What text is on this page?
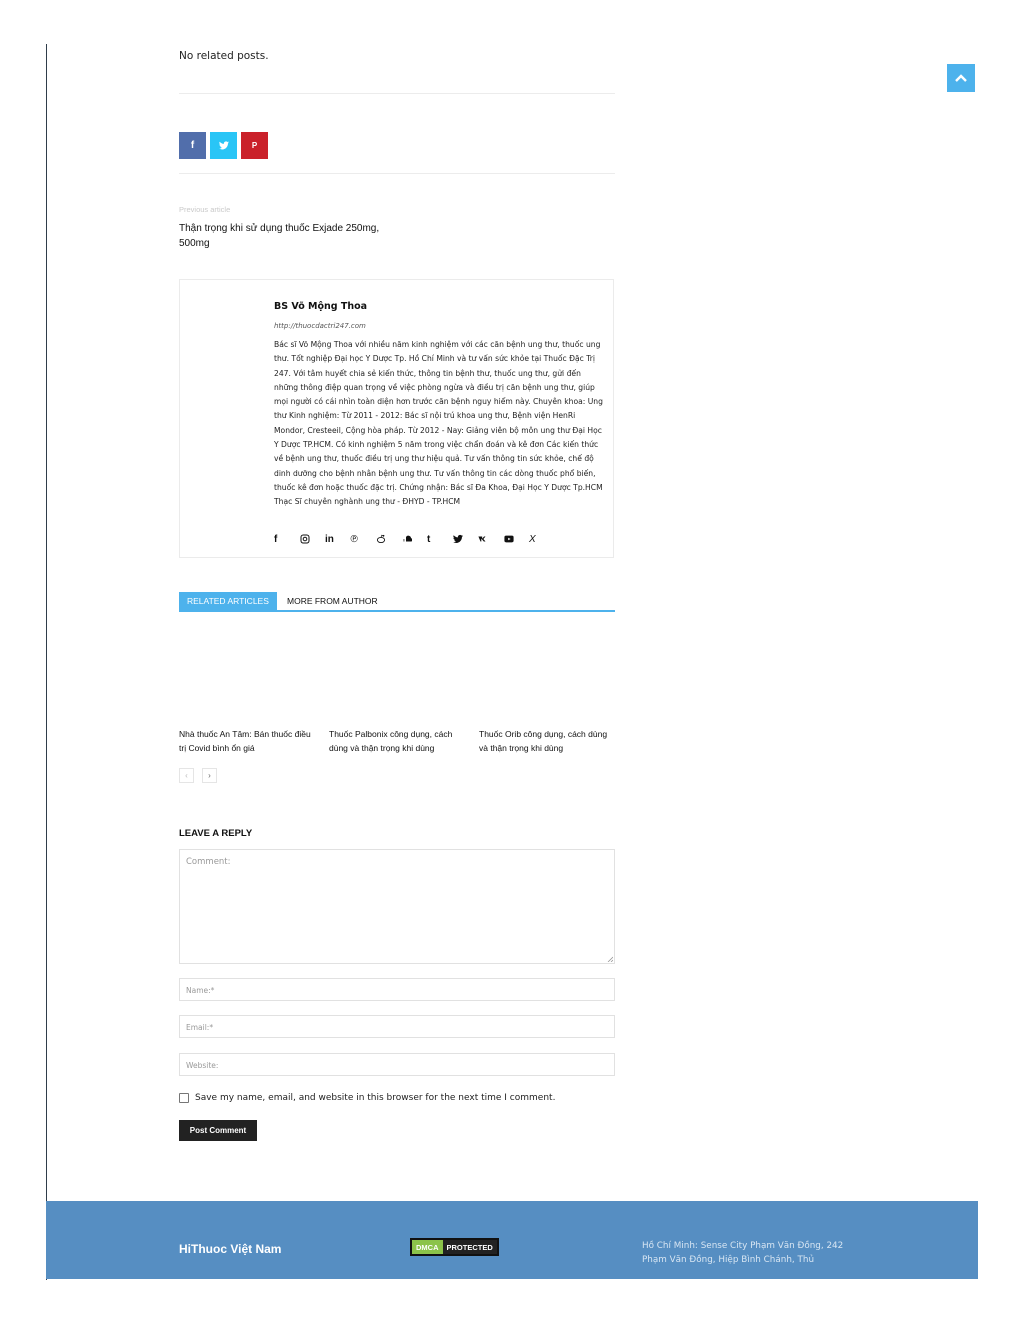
No related posts.
f	P
Previous article
Thận trọng khi sử dụng thuốc Exjade 250mg, 500mg
BS Võ Mộng Thoa
http://thuocdactri247.com
Bác sĩ Võ Mộng Thoa với nhiều năm kinh nghiệm với các căn bệnh ung thư, thuốc ung thư. Tốt nghiệp Đại học Y Dược Tp. Hồ Chí Minh và tư vấn sức khỏe tại Thuốc Đặc Trị 247. Với tâm huyết chia sẻ kiến thức, thông tin bệnh thư, thuốc ung thư, gửi đến những thông điệp quan trọng về việc phòng ngừa và điều trị căn bệnh ung thư, giúp mọi người có cái nhìn toàn diện hơn trước căn bệnh nguy hiểm này. Chuyên khoa: Ung thư Kinh nghiệm: Từ 2011 - 2012: Bác sĩ nội trú khoa ung thư, Bệnh viện HenRi Mondor, Cresteeil, Cộng hòa pháp. Từ 2012 - Nay: Giảng viên bộ môn ung thư Đại Học Y Dược TP.HCM. Có kinh nghiệm 5 năm trong việc chẩn đoán và kê đơn Các kiến thức về bệnh ung thư, thuốc điều trị ung thư hiệu quả. Tư vấn thông tin sức khỏe, chế độ dinh dưỡng cho bệnh nhân bệnh ung thư. Tư vấn thông tin các dòng thuốc phổ biến, thuốc kê đơn hoặc thuốc đặc trị. Chứng nhận: Bác sĩ Đa Khoa, Đại Học Y Dược Tp.HCM Thạc Sĩ chuyên nghành ung thư - ĐHYD - TP.HCM
f	in	℗	t	X
RELATED ARTICLES	MORE FROM AUTHOR
Nhà thuốc An Tâm: Bán thuốc điều trị Covid bình ổn giá
Thuốc Palbonix công dụng, cách dùng và thận trọng khi dùng
Thuốc Orib công dụng, cách dùng và thận trọng khi dùng
‹	›
LEAVE A REPLY
Comment:
Name:*
Email:*
Website:
Save my name, email, and website in this browser for the next time I comment.
Post Comment
HiThuoc Việt Nam	DMCA	PROTECTED	Hồ Chí Minh: Sense City Phạm Văn Đồng, 242 Phạm Văn Đồng, Hiệp Bình Chánh, Thủ
